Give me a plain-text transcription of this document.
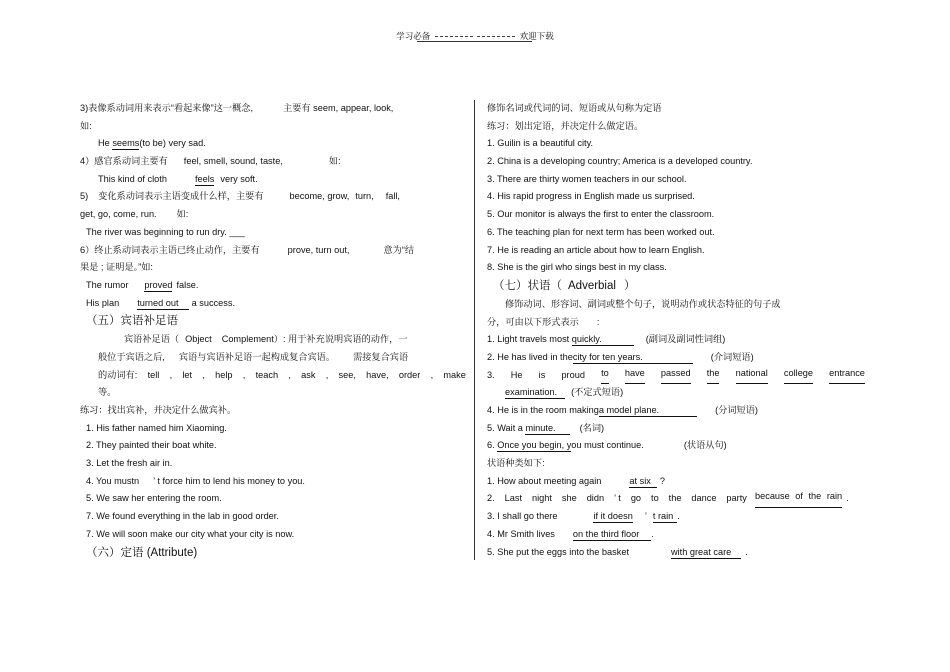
学习必备	欢迎下载
3)表像系动词用来表示“看起来像”这一概念,	主要有 seem, appear, look,
如:
He seems(to be) very sad.
4）感官系动词主要有 feel, smell, sound, taste,	如:
This kind of cloth	feels very soft.
5) 变化系动词表示主语变成什么样，主要有	become, grow, turn, fall,
get, go, come, run. 如:
The river was beginning to run dry. ___
6）终止系动词表示主语已终止动作，主要有	prove, turn out,	意为“结
果是 ; 证明是。”如:
The rumor proved false.
His plan turned out a success.
（五）宾语补足语
宾语补足语（ Object Complement）: 用于补充说明宾语的动作，一
般位于宾语之后, 宾语与宾语补足语一起构成复合宾语。 需接复合宾语
的动词有: tell , let , help , teach , ask , see, have, order , make
等。
练习：找出宾补，并决定什么做宾补。
1. His father named him Xiaoming.
2. They painted their boat white.
3. Let the fresh air in.
4. You mustn ’ t force him to lend his money to you.
5. We saw her entering the room.
7. We found everything in the lab in good order.
7. We will soon make our city what your city is now.
（六）定语 (Attribute)
修饰名词或代词的词、短语或从句称为定语
练习：划出定语，并决定什么做定语。
1. Guilin is a beautiful city.
2. China is a developing country; America is a developed country.
3. There are thirty women teachers in our school.
4. His rapid progress in English made us surprised.
5. Our monitor is always the first to enter the classroom.
6. The teaching plan for next term has been worked out.
7. He is reading an article about how to learn English.
8. She is the girl who sings best in my class.
（七）状语（ Adverbial ）
修饰动词、形容词、副词或整个句子，说明动作或状态特征的句子成
分，可由以下形式表示 :
1. Light travels most quickly.	(副词及副词性词组)
2. He has lived in thecity for ten years.	(介词短语)
3. He is proud to have passed the national college entrance
examination. (不定式短语)
4. He is in the room makinga model plane.	(分词短语)
5. Wait a minute.	(名词)
6. Once you begin, you must continue.	(状语从句)
状语种类如下:
1. How about meeting again	at six ?
2. Last night she didn ’ t go to the dance party because of the rain .
3. I shall go there	if it doesn ’ t rain .
4. Mr Smith lives on the third floor .
5. She put the eggs into the basket	with great care .
